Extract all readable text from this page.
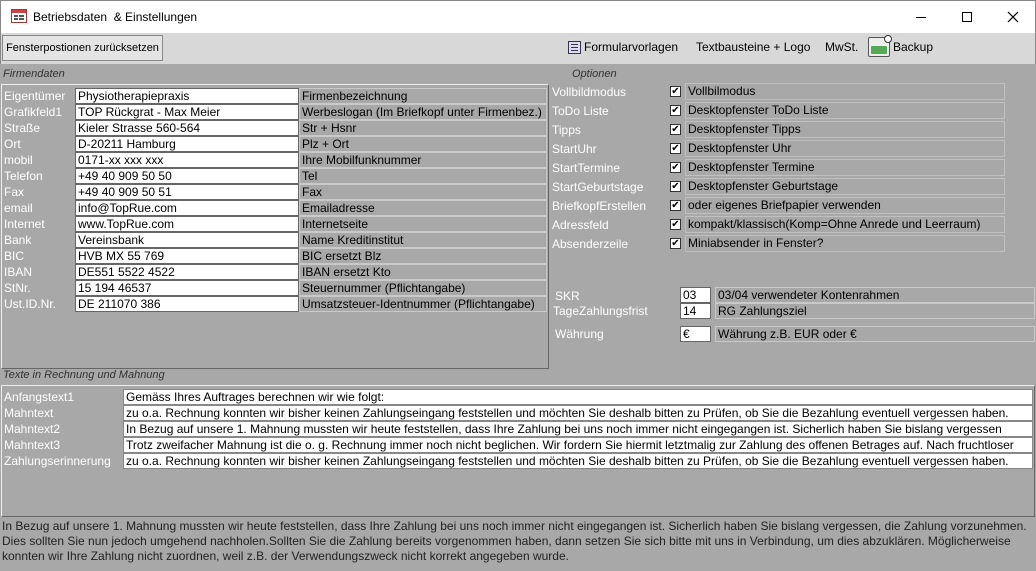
Betriebsdaten  & Einstellungen
Fensterpostionen zurücksetzen	Formularvorlagen Textbausteine + Logo MwSt.	Backup
Firmendaten
Eigentümer Physiotherapiepraxis	Firmenbezeichnung
Grafikfeld1 TOP Rückgrat - Max Meier	Werbeslogan (Im Briefkopf unter Firmenbez.)
Straße	Kieler Strasse 560-564	Str + Hsnr
Ort	D-20211 Hamburg	Plz + Ort
mobil	0171-xx xxx xxx	Ihre Mobilfunknummer
Telefon	+49 40 909 50 50	Tel
Fax	+49 40 909 50 51	Fax
email	info@TopRue.com	Emailadresse
Internet	www.TopRue.com	Internetseite
Bank	Vereinsbank	Name Kreditinstitut
BIC	HVB MX 55 769	BIC ersetzt Blz
IBAN	DE551 5522 4522	IBAN ersetzt Kto
StNr.	15 194 46537	Steuernummer (Pflichtangabe)
Ust.ID.Nr. DE 211070 386	Umsatzsteuer-Identnummer (Pflichtangabe)
Optionen
Vollbildmodus	✔ Vollbilmodus
ToDo Liste	✔ Desktopfenster ToDo Liste
Tipps	✔ Desktopfenster Tipps
StartUhr	✔ Desktopfenster Uhr
StartTermine	✔ Desktopfenster Termine
StartGeburtstage	✔ Desktopfenster Geburtstage
BriefkopfErstellen	✔ oder eigenes Briefpapier verwenden
Adressfeld	✔ kompakt/klassisch(Komp=Ohne Anrede und Leerraum)
Absenderzeile	✔ Miniabsender in Fenster?
SKR	03	03/04 verwendeter Kontenrahmen
TageZahlungsfrist	14	RG Zahlungsziel
Währung	€	Währung z.B. EUR oder €
Texte in Rechnung und Mahnung
Anfangstext1	Gemäss Ihres Auftrages berechnen wir wie folgt:
Mahntext	zu o.a. Rechnung konnten wir bisher keinen Zahlungseingang feststellen und möchten Sie deshalb bitten zu Prüfen, ob Sie die Bezahlung eventuell vergessen haben.
Mahntext2	In Bezug auf unsere 1. Mahnung mussten wir heute feststellen, dass Ihre Zahlung bei uns noch immer nicht eingegangen ist. Sicherlich haben Sie bislang vergessen
Mahntext3	Trotz zweifacher Mahnung ist die o. g. Rechnung immer noch nicht beglichen. Wir fordern Sie hiermit letztmalig zur Zahlung des offenen Betrages auf. Nach fruchtloser
Zahlungserinnerung zu o.a. Rechnung konnten wir bisher keinen Zahlungseingang feststellen und möchten Sie deshalb bitten zu Prüfen, ob Sie die Bezahlung eventuell vergessen haben.
In Bezug auf unsere 1. Mahnung mussten wir heute feststellen, dass Ihre Zahlung bei uns noch immer nicht eingegangen ist. Sicherlich haben Sie bislang vergessen, die Zahlung vorzunehmen. Dies sollten Sie nun jedoch umgehend nachholen.Sollten Sie die Zahlung bereits vorgenommen haben, dann setzen Sie sich bitte mit uns in Verbindung, um dies abzuklären. Möglicherweise konnten wir Ihre Zahlung nicht zuordnen, weil z.B. der Verwendungszweck nicht korrekt angegeben wurde.
